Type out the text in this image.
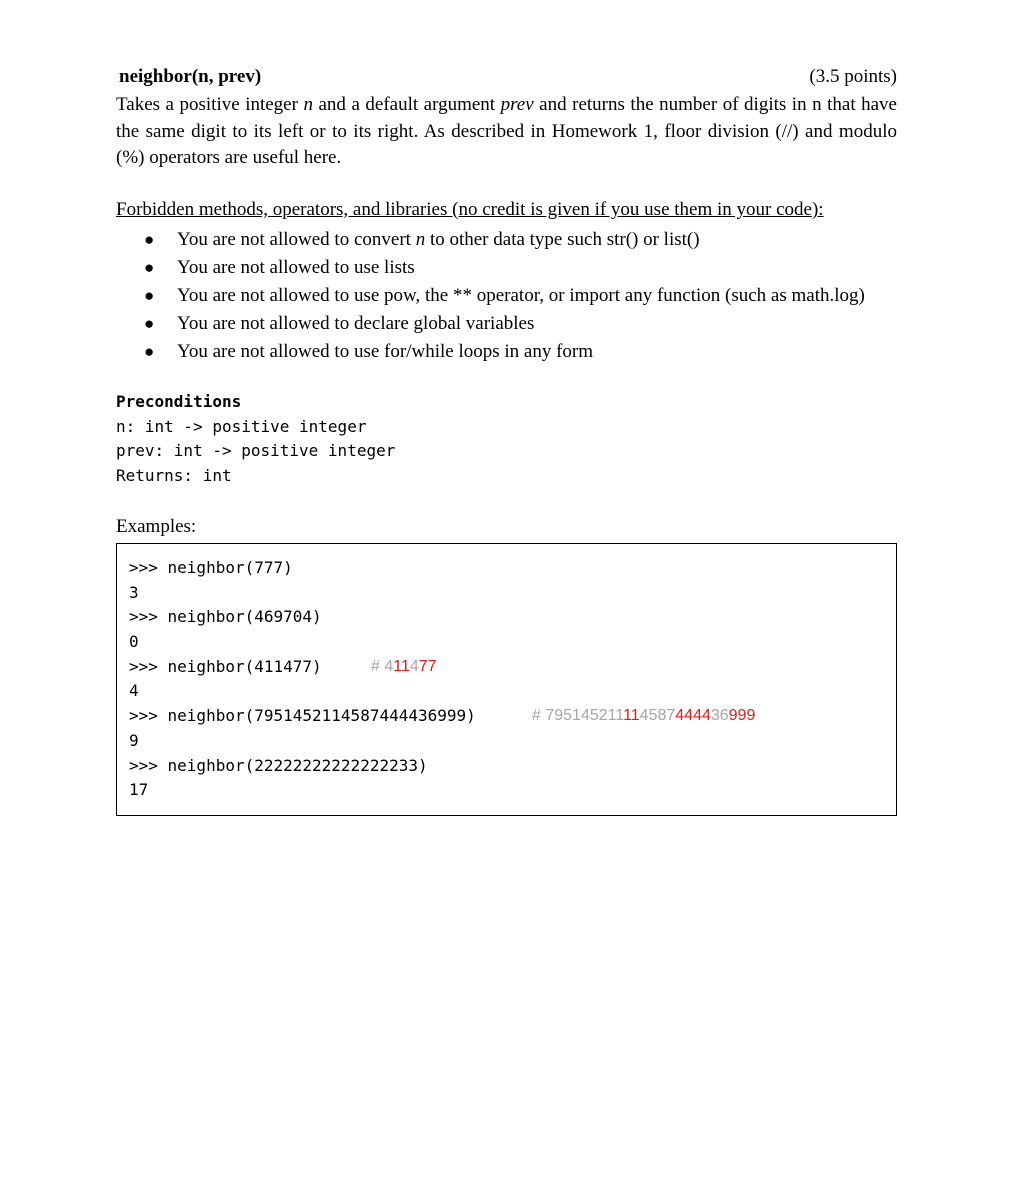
neighbor(n, prev)	(3.5 points)

Takes a positive integer n and a default argument prev and returns the number of digits in n that have the same digit to its left or to its right. As described in Homework 1, floor division (//) and modulo (%) operators are useful here.

Forbidden methods, operators, and libraries (no credit is given if you use them in your code):
● You are not allowed to convert n to other data type such str() or list()
● You are not allowed to use lists
● You are not allowed to use pow, the ** operator, or import any function (such as math.log)
● You are not allowed to declare global variables
● You are not allowed to use for/while loops in any form
Preconditions
n: int -> positive integer
prev: int -> positive integer
Returns: int
Examples:
>>> neighbor(777)
3
>>> neighbor(469704)
0
>>> neighbor(411477)	# 411477
4
>>> neighbor(7951452114587444436999)	# 795145211114587444436999
9
>>> neighbor(22222222222222233)
17
